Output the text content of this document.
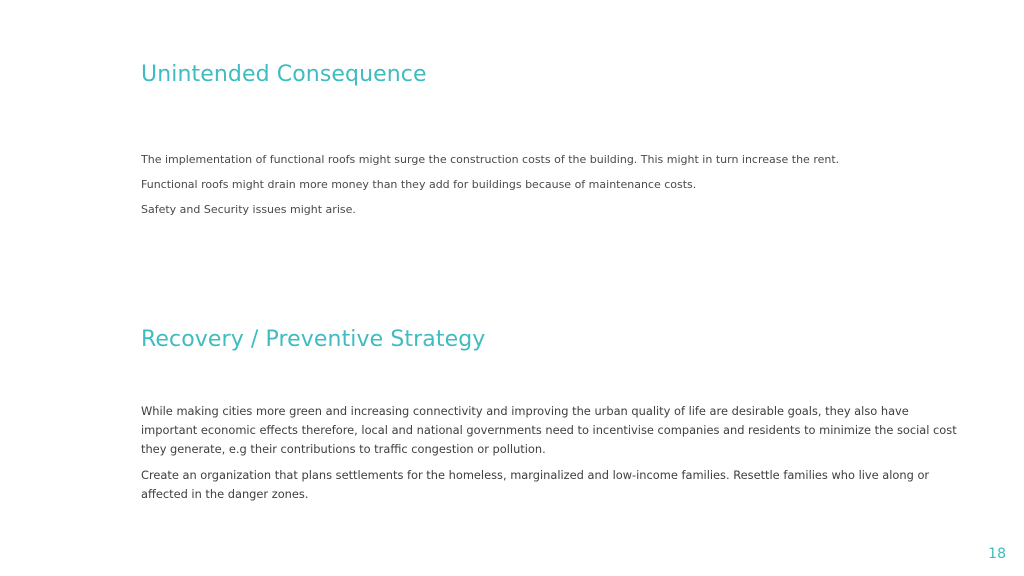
Unintended Consequence

The implementation of functional roofs might surge the construction costs of the building. This might in turn increase the rent.

Functional roofs might drain more money than they add for buildings because of maintenance costs.

Safety and Security issues might arise.

Recovery / Preventive Strategy

While making cities more green and increasing connectivity and improving the urban quality of life are desirable goals, they also have important economic effects therefore, local and national governments need to incentivise companies and residents to minimize the social cost they generate, e.g their contributions to traffic congestion or pollution.

Create an organization that plans settlements for the homeless, marginalized and low-income families. Resettle families who live along or affected in the danger zones.

18
